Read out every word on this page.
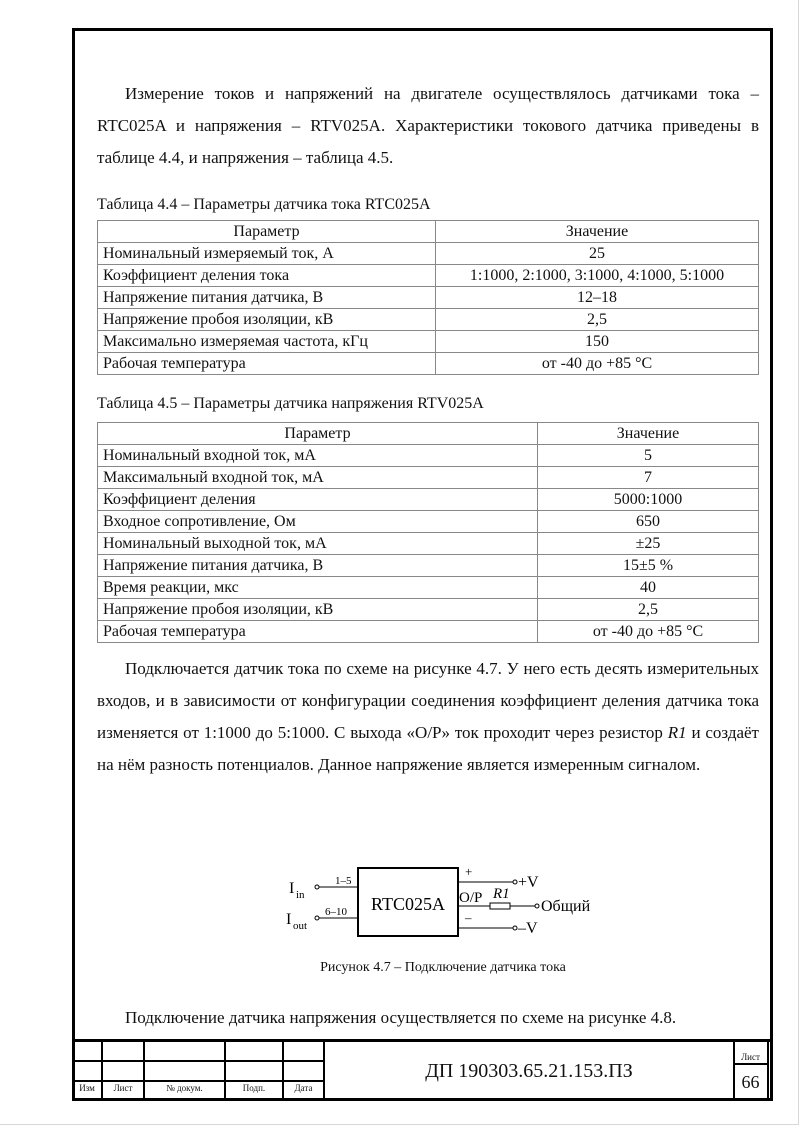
Измерение токов и напряжений на двигателе осуществлялось датчиками тока – RTC025A и напряжения – RTV025A. Характеристики токового датчика приведены в таблице 4.4, и напряжения – таблица 4.5.

Таблица 4.4 – Параметры датчика тока RTC025A

Параметр	Значение
Номинальный измеряемый ток, А	25
Коэффициент деления тока	1:1000, 2:1000, 3:1000, 4:1000, 5:1000
Напряжение питания датчика, В	12–18
Напряжение пробоя изоляции, кВ	2,5
Максимально измеряемая частота, кГц	150
Рабочая температура	от -40 до +85 °С

Таблица 4.5 – Параметры датчика напряжения RTV025A

Параметр	Значение
Номинальный входной ток, мА	5
Максимальный входной ток, мА	7
Коэффициент деления	5000:1000
Входное сопротивление, Ом	650
Номинальный выходной ток, мА	±25
Напряжение питания датчика, В	15±5 %
Время реакции, мкс	40
Напряжение пробоя изоляции, кВ	2,5
Рабочая температура	от -40 до +85 °С

Подключается датчик тока по схеме на рисунке 4.7. У него есть десять измерительных входов, и в зависимости от конфигурации соединения коэффициент деления датчика тока изменяется от 1:1000 до 5:1000. С выхода «O/P» ток проходит через резистор R1 и создаёт на нём разность потенциалов. Данное напряжение является измеренным сигналом.

RTC025A
I in
1–5
I out
6–10
+
+V
O/P R1
Общий
–
–V
Рисунок 4.7 – Подключение датчика тока

Подключение датчика напряжения осуществляется по схеме на рисунке 4.8.

Изм	Лист	№ докум.	Подп.	Дата
ДП 190303.65.21.153.ПЗ
Лист
66
